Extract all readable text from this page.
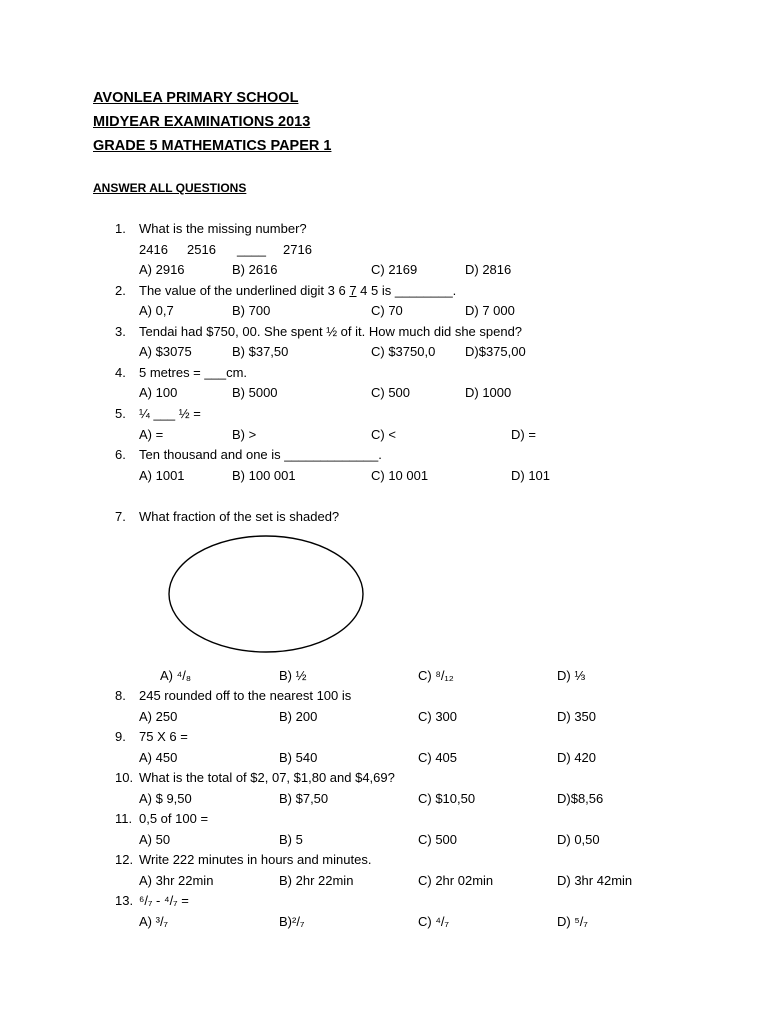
AVONLEA PRIMARY SCHOOL
MIDYEAR EXAMINATIONS 2013
GRADE 5 MATHEMATICS PAPER 1
ANSWER ALL QUESTIONS
1. What is the missing number?
2416 2516 ____ 2716
A) 2916	B) 2616	C) 2169	D) 2816
2. The value of the underlined digit 3 6 7 4 5 is ________.
A) 0,7	B) 700	C) 70	D) 7 000
3. Tendai had $750, 00. She spent ½ of it. How much did she spend?
A) $3075	B) $37,50	C) $3750,0 D)$375,00
4. 5 metres = ___cm.
A) 100	B) 5000	C) 500	D) 1000
5. ¼ ___ ½ =
A) =	B) >	C) <	D) =
6. Ten thousand and one is _____________.
A) 1001	B) 100 001	C) 10 001	D) 101
7. What fraction of the set is shaded?
A) ⁴/₈	B) ½	C) ⁸/₁₂	D) ⅓
8. 245 rounded off to the nearest 100 is
A) 250	B) 200	C) 300	D) 350
9. 75 X 6 =
A) 450	B) 540	C) 405	D) 420
10. What is the total of $2, 07, $1,80 and $4,69?
A) $ 9,50	B) $7,50	C) $10,50	D)$8,56
11. 0,5 of 100 =
A) 50	B) 5	C) 500	D) 0,50
12. Write 222 minutes in hours and minutes.
A) 3hr 22min	B) 2hr 22min	C) 2hr 02min	D) 3hr 42min
13. ⁶/₇ - ⁴/₇ =
A) ³/₇	B)²/₇	C) ⁴/₇	D) ⁵/₇
